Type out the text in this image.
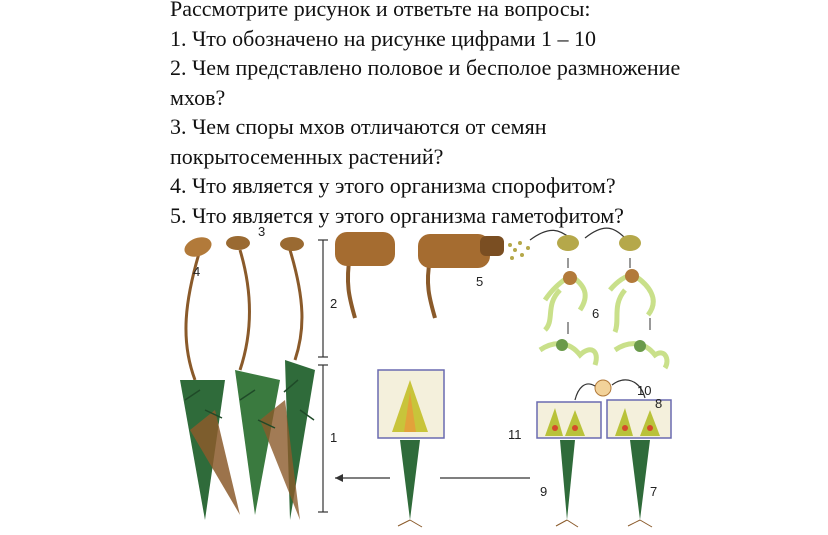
Рассмотрите рисунок и ответьте на вопросы:
1. Что обозначено на рисунке цифрами 1 – 10
2. Чем представлено половое и бесполое размножение
мхов?
3. Чем споры мхов отличаются от семян
покрытосеменных растений?
4. Что является у этого организма спорофитом?
5. Что является у этого организма гаметофитом?
1
2
3
4
5
6
7
8
9
10
11
